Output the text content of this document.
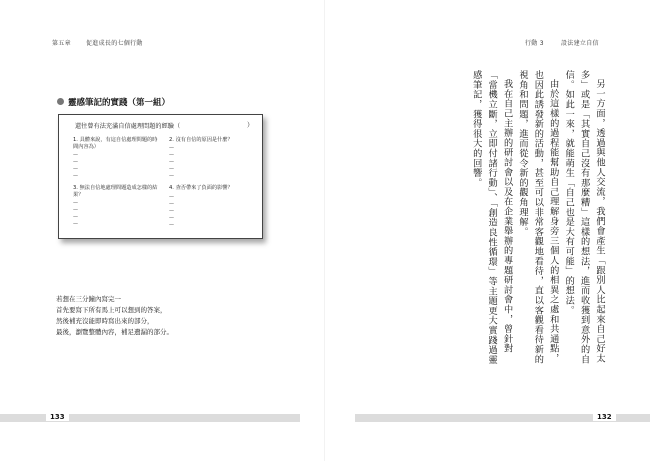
第五章	促進成長的七個行動
靈感筆記的實踐（第一組）
還往曾有法充滿自信處理問題的經驗（	）
1. 具體來說，有這自信處理問題的時間內容為）
—
—
—
—
2. 沒有自信的原因是什麼？
—
—
—
—
—
3. 無法自信地處理問題造成怎樣的結果？
—
—
—
—
4. 查否帶來了負面的影響？
—
—
—
—
—
若想在三分鐘內寫完一
首先要寫下所有馬上可以想到的答案，
然後補充沒能即時寫出來的部分，
最後，瀏覽整體內容，補足遺漏的部分。
133
行動 3	設法建立自信
132

另一方面，透過與他人交流，我們會產生「跟別人比起來自己好太多」或是「其實自己沒有那麼糟」這樣的想法，進而收獲到意外的自信。如此一來，就能萌生「自己也是大有可能」的想法。

由於這樣的過程能幫助自己理解身旁三個人的相異之處和共通點，也因此誘發新的活動，甚至可以非常客觀地看待，直以客觀看待新的視角和問題，進而從令新的觀角理解。

我在自己主辦的研討會以及在企業舉辦的專題研討會中，曾針對「當機立斷，立即付諸行動」、「創造良性循環」等主題更大實踐過靈感筆記，獲得很大的回響。
